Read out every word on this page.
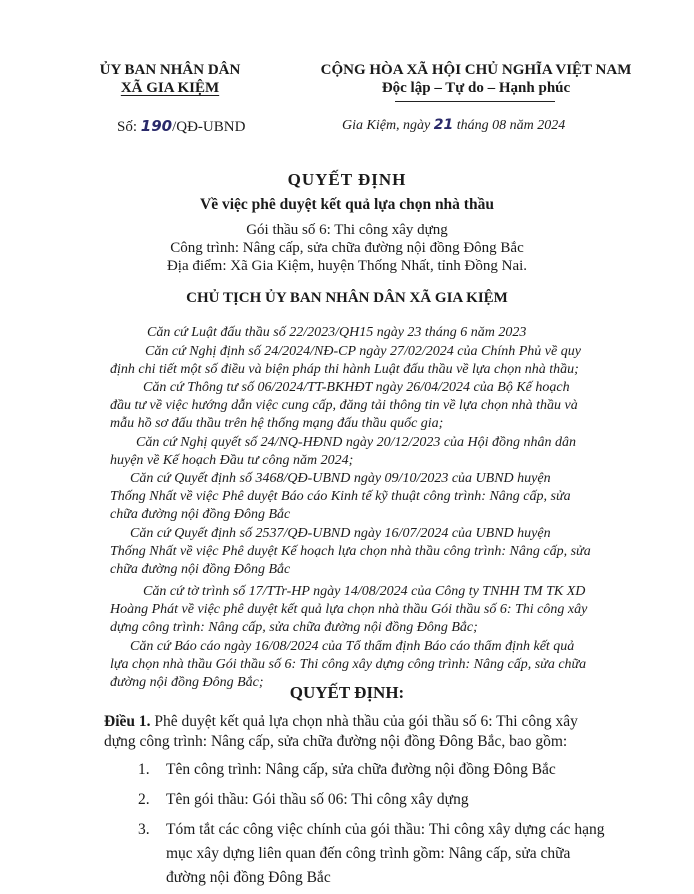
ỦY BAN NHÂN DÂN
XÃ GIA KIỆM
Số: 190/QĐ-UBND
CỘNG HÒA XÃ HỘI CHỦ NGHĨA VIỆT NAM
Độc lập – Tự do – Hạnh phúc
Gia Kiệm, ngày 21 tháng 08 năm 2024
QUYẾT ĐỊNH
Về việc phê duyệt kết quả lựa chọn nhà thầu
Gói thầu số 6: Thi công xây dựng
Công trình: Nâng cấp, sửa chữa đường nội đồng Đông Bắc
Địa điểm: Xã Gia Kiệm, huyện Thống Nhất, tỉnh Đồng Nai.
CHỦ TỊCH ỦY BAN NHÂN DÂN XÃ GIA KIỆM
Căn cứ Luật đấu thầu số 22/2023/QH15 ngày 23 tháng 6 năm 2023
Căn cứ Nghị định số 24/2024/NĐ-CP ngày 27/02/2024 của Chính Phủ về quy
định chi tiết một số điều và biện pháp thi hành Luật đấu thầu về lựa chọn nhà thầu;
Căn cứ Thông tư số 06/2024/TT-BKHĐT ngày 26/04/2024 của Bộ Kế hoạch
đầu tư về việc hướng dẫn việc cung cấp, đăng tải thông tin về lựa chọn nhà thầu và
mẫu hồ sơ đấu thầu trên hệ thống mạng đấu thầu quốc gia;
Căn cứ Nghị quyết số 24/NQ-HĐND ngày 20/12/2023 của Hội đồng nhân dân
huyện về Kế hoạch Đầu tư công năm 2024;
Căn cứ Quyết định số 3468/QĐ-UBND ngày 09/10/2023 của UBND huyện
Thống Nhất về việc Phê duyệt Báo cáo Kinh tế kỹ thuật công trình: Nâng cấp, sửa
chữa đường nội đồng Đông Bắc
Căn cứ Quyết định số 2537/QĐ-UBND ngày 16/07/2024 của UBND huyện
Thống Nhất về việc Phê duyệt Kế hoạch lựa chọn nhà thầu công trình: Nâng cấp, sửa
chữa đường nội đồng Đông Bắc
Căn cứ tờ trình số 17/TTr-HP ngày 14/08/2024 của Công ty TNHH TM TK XD
Hoàng Phát về việc phê duyệt kết quả lựa chọn nhà thầu Gói thầu số 6: Thi công xây
dựng công trình: Nâng cấp, sửa chữa đường nội đồng Đông Bắc;
Căn cứ Báo cáo ngày 16/08/2024 của Tổ thẩm định Báo cáo thẩm định kết quả
lựa chọn nhà thầu Gói thầu số 6: Thi công xây dựng công trình: Nâng cấp, sửa chữa
đường nội đồng Đông Bắc;
QUYẾT ĐỊNH:
Điều 1. Phê duyệt kết quả lựa chọn nhà thầu của gói thầu số 6: Thi công xây
dựng công trình: Nâng cấp, sửa chữa đường nội đồng Đông Bắc, bao gồm:
1. Tên công trình: Nâng cấp, sửa chữa đường nội đồng Đông Bắc
2. Tên gói thầu: Gói thầu số 06: Thi công xây dựng
3. Tóm tắt các công việc chính của gói thầu: Thi công xây dựng các hạng
mục xây dựng liên quan đến công trình gồm: Nâng cấp, sửa chữa
đường nội đồng Đông Bắc
